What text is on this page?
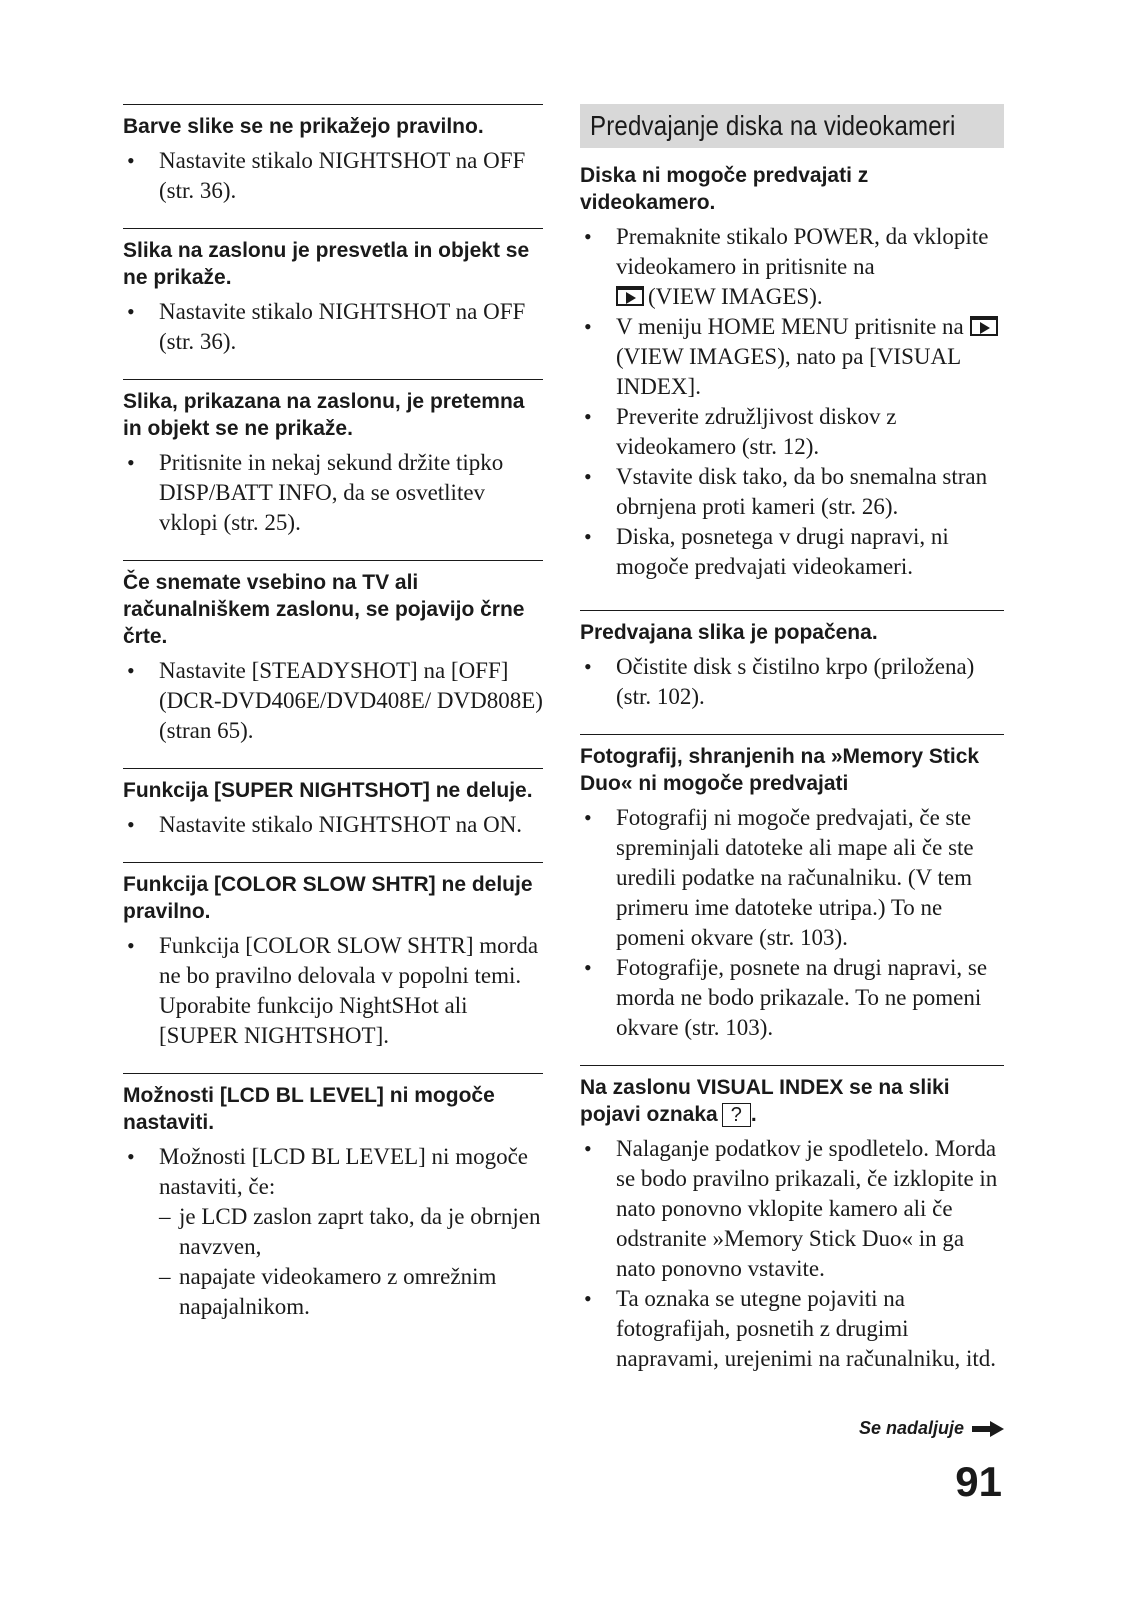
Barve slike se ne prikažejo pravilno.
• Nastavite stikalo NIGHTSHOT na OFF (str. 36).
Slika na zaslonu je presvetla in objekt se ne prikaže.
• Nastavite stikalo NIGHTSHOT na OFF (str. 36).
Slika, prikazana na zaslonu, je pretemna in objekt se ne prikaže.
• Pritisnite in nekaj sekund držite tipko DISP/BATT INFO, da se osvetlitev vklopi (str. 25).
Če snemate vsebino na TV ali računalniškem zaslonu, se pojavijo črne črte.
• Nastavite [STEADYSHOT] na [OFF] (DCR-DVD406E/DVD408E/ DVD808E) (stran 65).
Funkcija [SUPER NIGHTSHOT] ne deluje.
• Nastavite stikalo NIGHTSHOT na ON.
Funkcija [COLOR SLOW SHTR] ne deluje pravilno.
• Funkcija [COLOR SLOW SHTR] morda ne bo pravilno delovala v popolni temi. Uporabite funkcijo NightSHot ali [SUPER NIGHTSHOT].
Možnosti [LCD BL LEVEL] ni mogoče nastaviti.
• Možnosti [LCD BL LEVEL] ni mogoče nastaviti, če:
– je LCD zaslon zaprt tako, da je obrnjen navzven,
– napajate videokamero z omrežnim napajalnikom.
Predvajanje diska na videokameri
Diska ni mogoče predvajati z videokamero.
• Premaknite stikalo POWER, da vklopite videokamero in pritisnite na
(VIEW IMAGES).
• V meniju HOME MENU pritisnite na (VIEW IMAGES), nato pa [VISUAL INDEX].
• Preverite združljivost diskov z videokamero (str. 12).
• Vstavite disk tako, da bo snemalna stran obrnjena proti kameri (str. 26).
• Diska, posnetega v drugi napravi, ni mogoče predvajati videokameri.
Predvajana slika je popačena.
• Očistite disk s čistilno krpo (priložena) (str. 102).
Fotografij, shranjenih na »Memory Stick Duo« ni mogoče predvajati
• Fotografij ni mogoče predvajati, če ste spreminjali datoteke ali mape ali če ste uredili podatke na računalniku. (V tem primeru ime datoteke utripa.) To ne pomeni okvare (str. 103).
• Fotografije, posnete na drugi napravi, se morda ne bodo prikazale. To ne pomeni okvare (str. 103).
Na zaslonu VISUAL INDEX se na sliki pojavi oznaka ? .
• Nalaganje podatkov je spodletelo. Morda se bodo pravilno prikazali, če izklopite in nato ponovno vklopite kamero ali če odstranite »Memory Stick Duo« in ga nato ponovno vstavite.
• Ta oznaka se utegne pojaviti na fotografijah, posnetih z drugimi napravami, urejenimi na računalniku, itd.
Se nadaljuje
91
